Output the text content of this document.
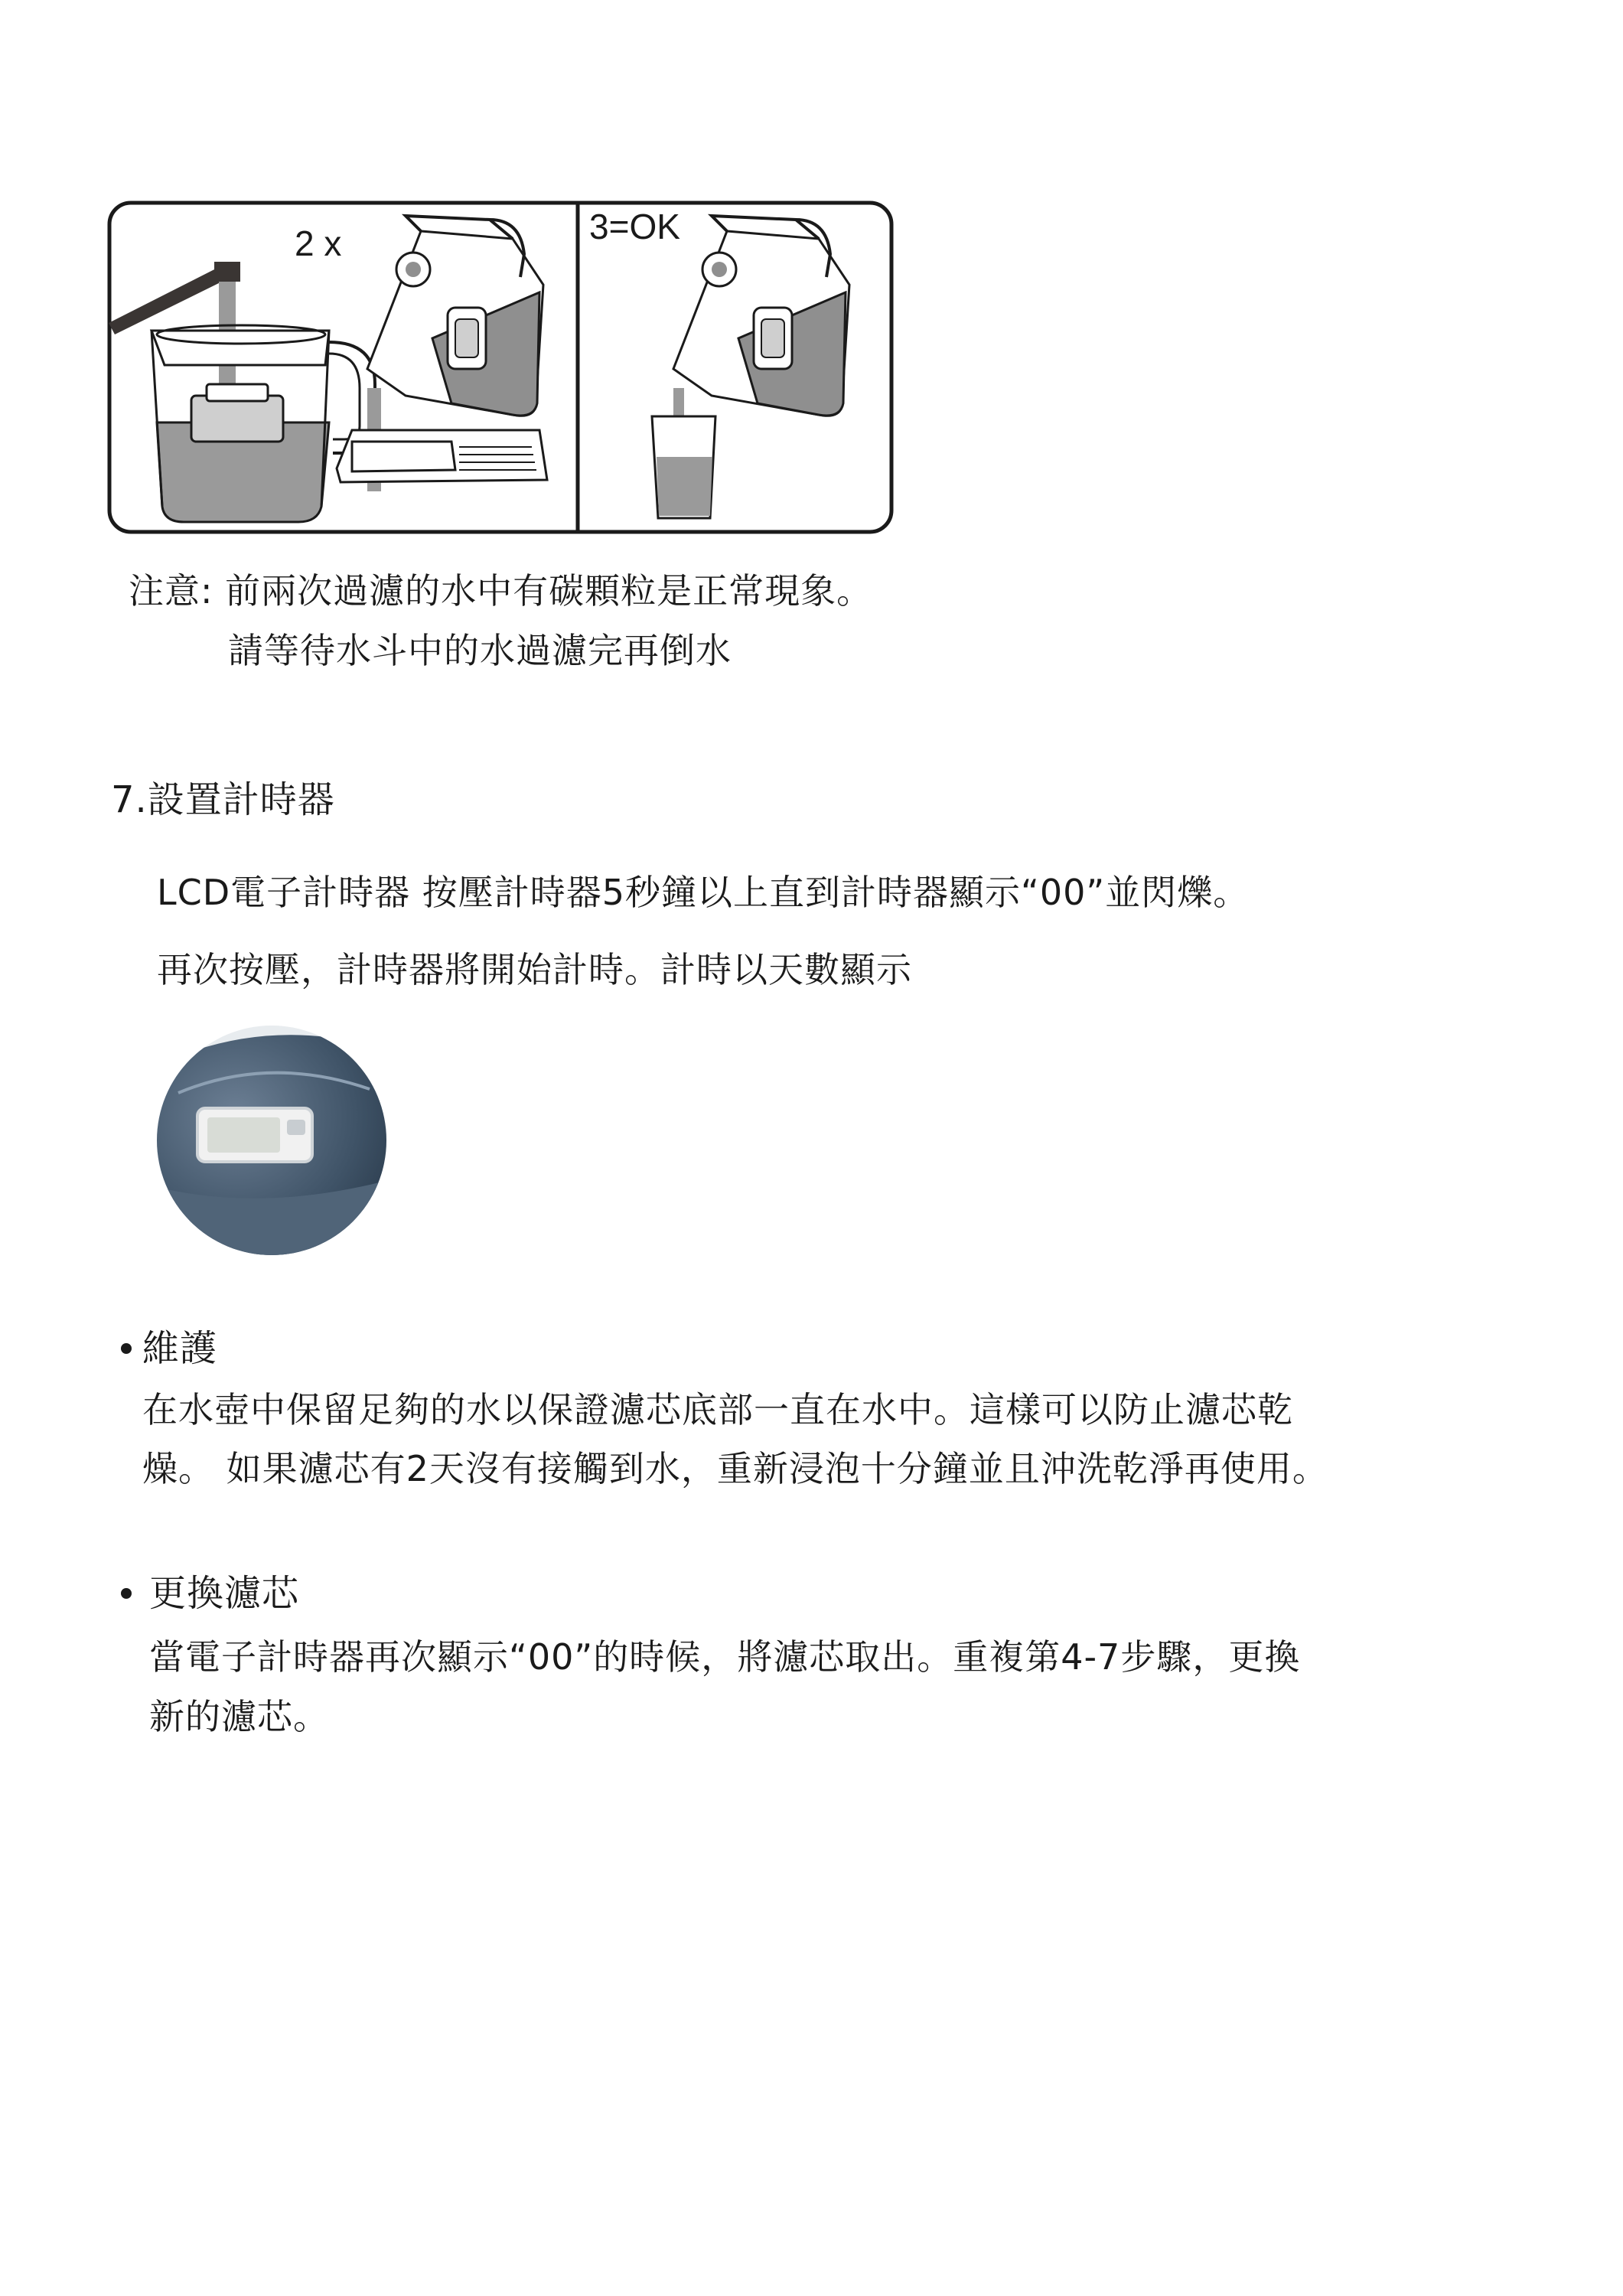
2 x	3=OK
注意: 前兩次過濾的水中有碳顆粒是正常現象。
請等待水斗中的水過濾完再倒水
7.設置計時器
LCD電子計時器 按壓計時器5秒鐘以上直到計時器顯示“00”並閃爍。
再次按壓，計時器將開始計時。計時以天數顯示
維護
在水壺中保留足夠的水以保證濾芯底部一直在水中。這樣可以防止濾芯乾
燥。 如果濾芯有2天沒有接觸到水，重新浸泡十分鐘並且沖洗乾淨再使用。
更換濾芯
當電子計時器再次顯示“00”的時候，將濾芯取出。重複第4-7步驟，更換
新的濾芯。
